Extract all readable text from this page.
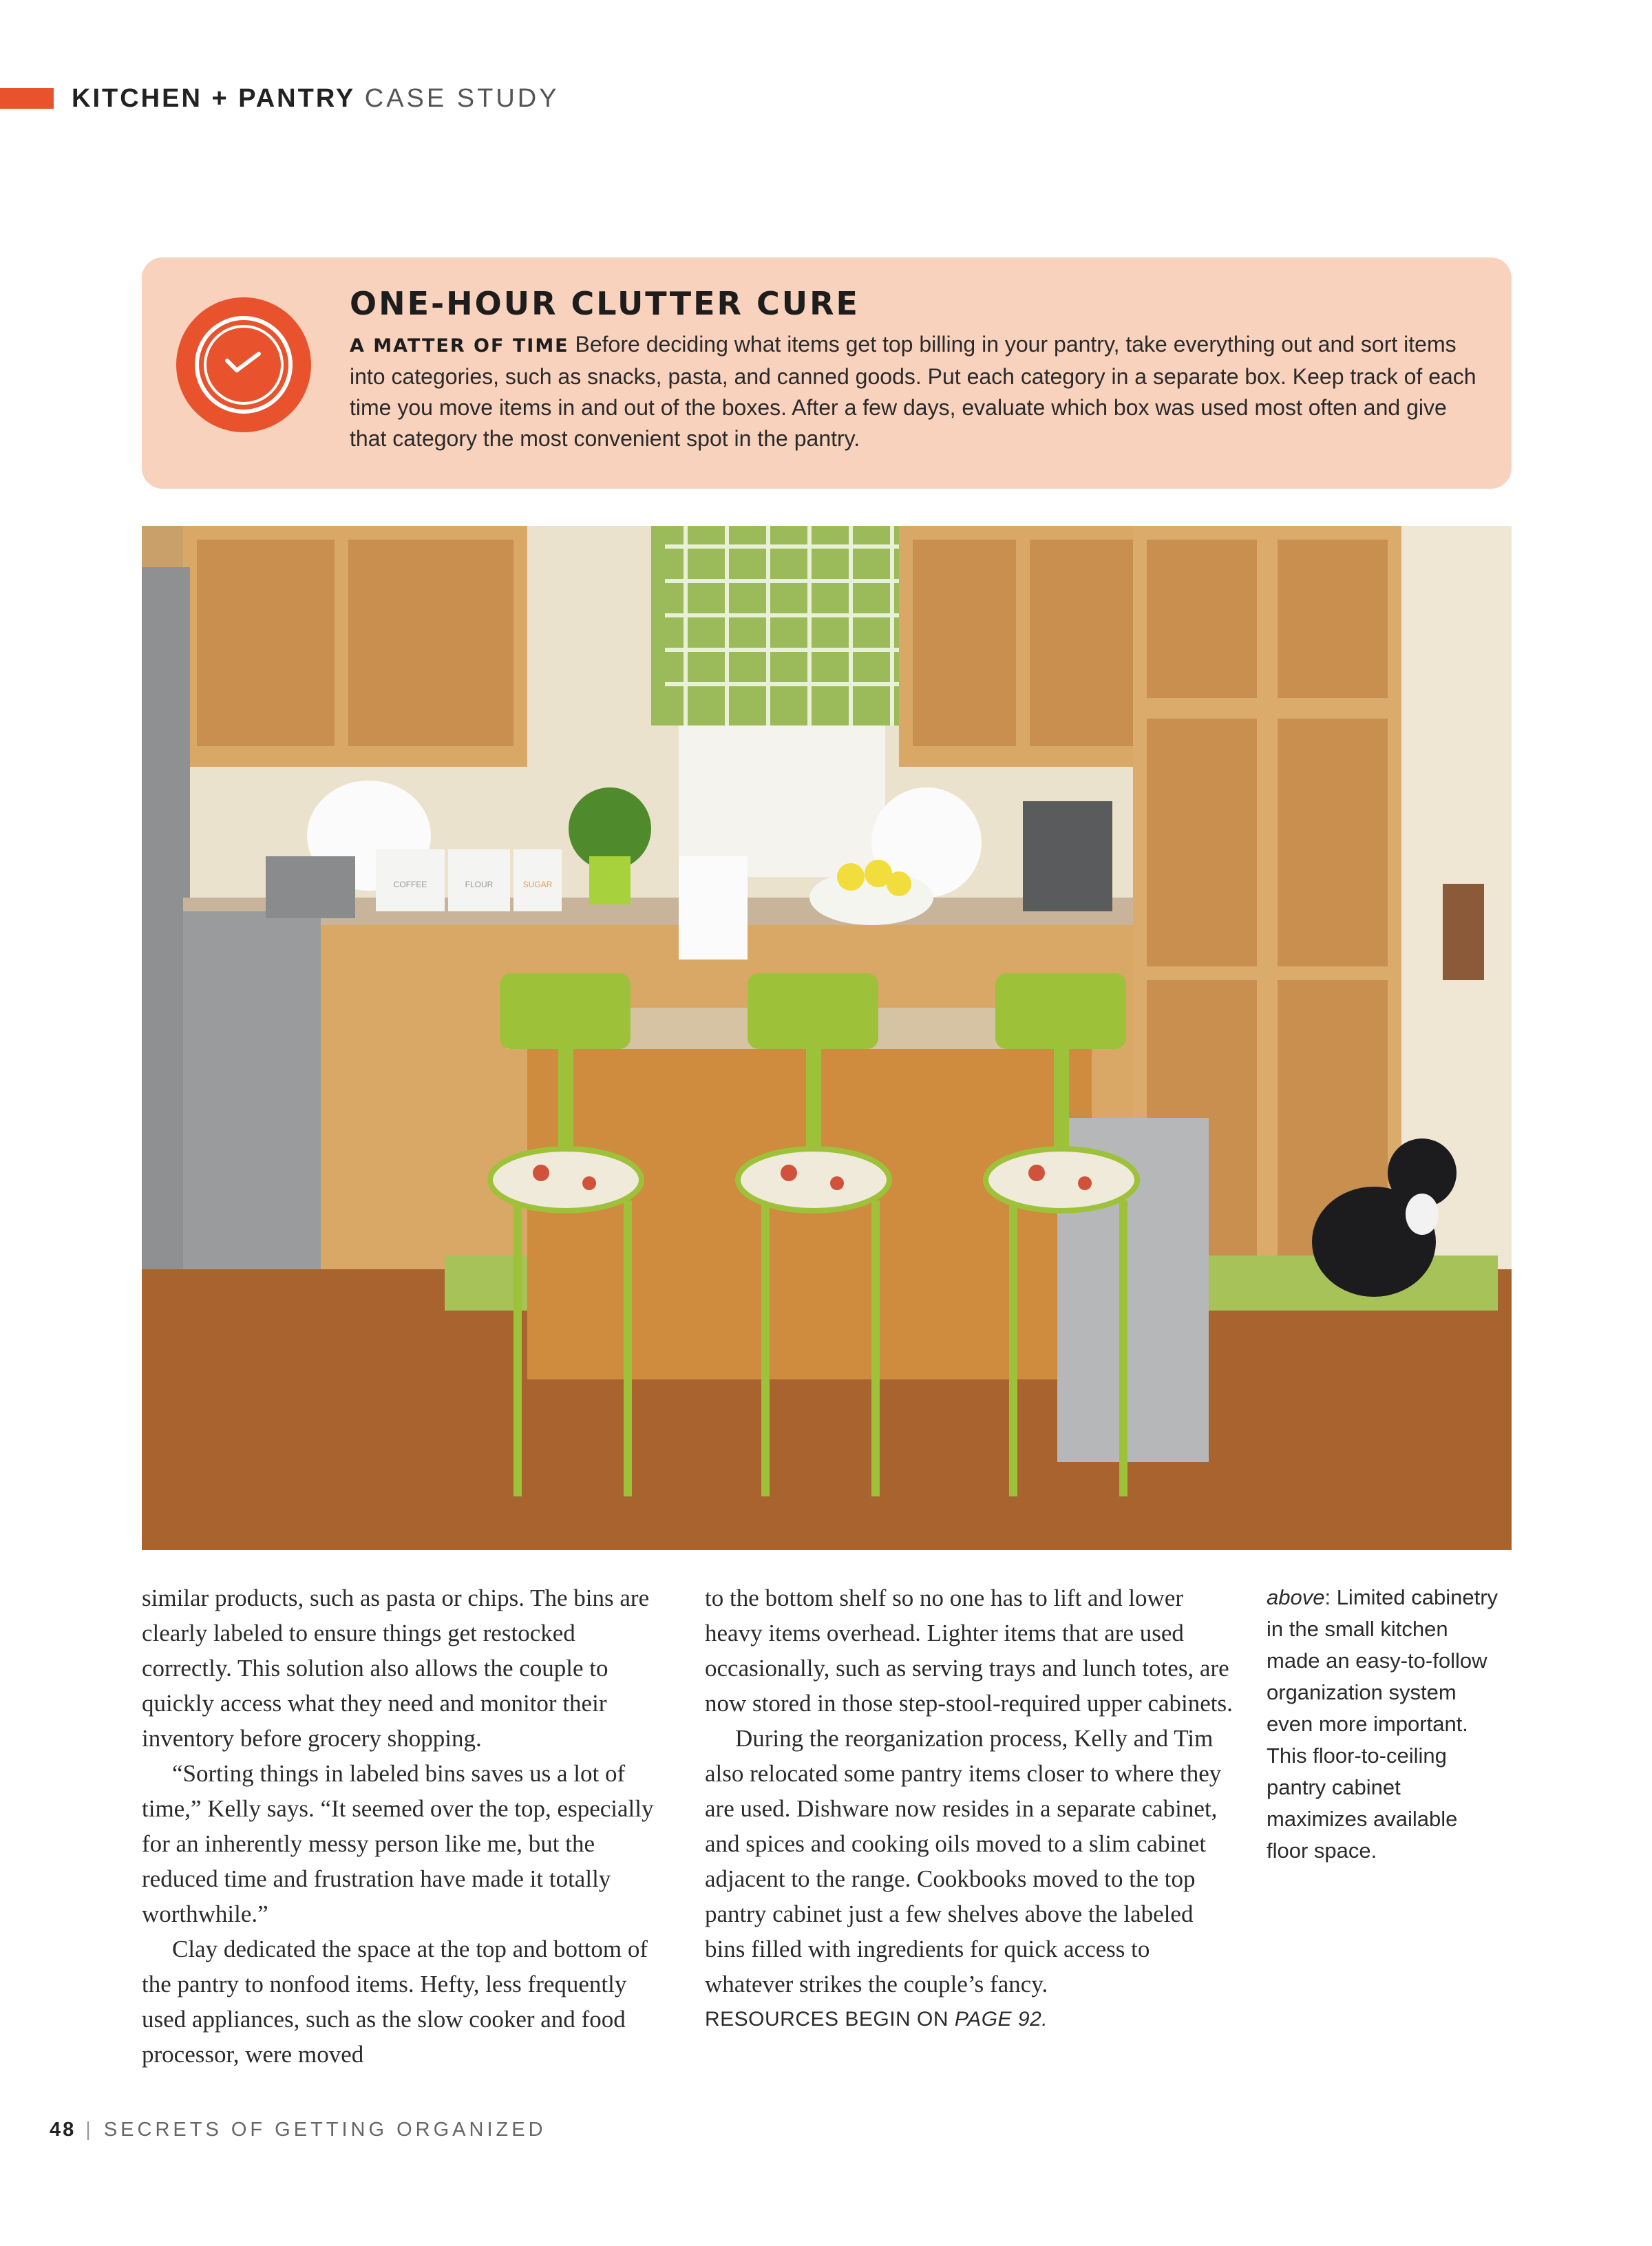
KITCHEN + PANTRY CASE STUDY
ONE-HOUR CLUTTER CURE
A MATTER OF TIME Before deciding what items get top billing in your pantry, take everything out and sort items into categories, such as snacks, pasta, and canned goods. Put each category in a separate box. Keep track of each time you move items in and out of the boxes. After a few days, evaluate which box was used most often and give that category the most convenient spot in the pantry.
COFFEE	FLOUR	SUGAR

similar products, such as pasta or chips. The bins are clearly labeled to ensure things get restocked correctly. This solution also allows the couple to quickly access what they need and monitor their inventory before grocery shopping.

“Sorting things in labeled bins saves us a lot of time,” Kelly says. “It seemed over the top, especially for an inherently messy person like me, but the reduced time and frustration have made it totally worthwhile.”

Clay dedicated the space at the top and bottom of the pantry to nonfood items. Hefty, less frequently used appliances, such as the slow cooker and food processor, were moved

to the bottom shelf so no one has to lift and lower heavy items overhead. Lighter items that are used occasionally, such as serving trays and lunch totes, are now stored in those step-stool-required upper cabinets.

During the reorganization process, Kelly and Tim also relocated some pantry items closer to where they are used. Dishware now resides in a separate cabinet, and spices and cooking oils moved to a slim cabinet adjacent to the range. Cookbooks moved to the top pantry cabinet just a few shelves above the labeled bins filled with ingredients for quick access to whatever strikes the couple’s fancy.

RESOURCES BEGIN ON PAGE 92.

above: Limited cabinetry in the small kitchen made an easy-to-follow organization system even more important. This floor-to-ceiling pantry cabinet maximizes available floor space.
48 | SECRETS OF GETTING ORGANIZED
